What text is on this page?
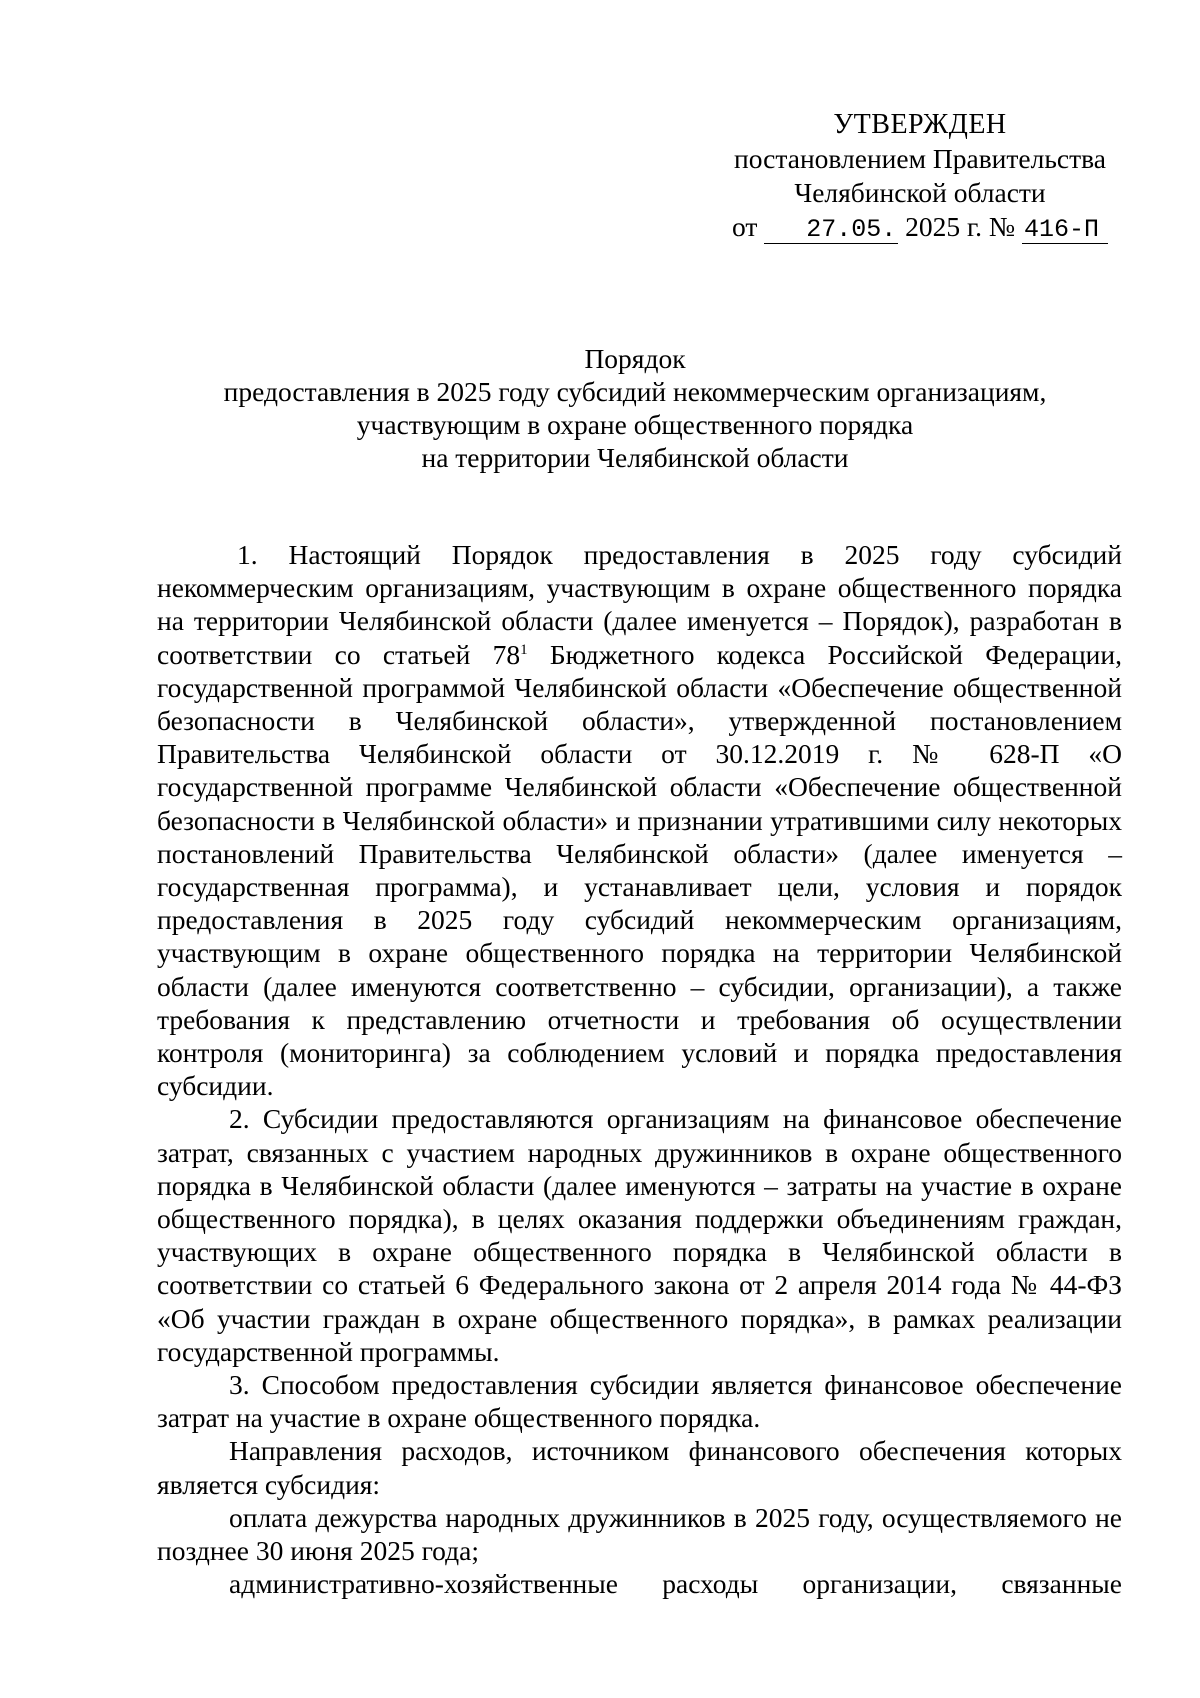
УТВЕРЖДЕН
постановлением Правительства
Челябинской области
от 27.05. 2025 г. № 416-П
Порядок
предоставления в 2025 году субсидий некоммерческим организациям,
участвующим в охране общественного порядка
на территории Челябинской области

1. Настоящий Порядок предоставления в 2025 году субсидий некоммерческим организациям, участвующим в охране общественного порядка на территории Челябинской области (далее именуется – Порядок), разработан в соответствии со статьей $78^1$ Бюджетного кодекса Российской Федерации, государственной программой Челябинской области «Обеспечение общественной безопасности в Челябинской области», утвержденной постановлением Правительства Челябинской области от 30.12.2019 г. № 628-П «О государственной программе Челябинской области «Обеспечение общественной безопасности в Челябинской области» и признании утратившими силу некоторых постановлений Правительства Челябинской области» (далее именуется – государственная программа), и устанавливает цели, условия и порядок предоставления в 2025 году субсидий некоммерческим организациям, участвующим в охране общественного порядка на территории Челябинской области (далее именуются соответственно – субсидии, организации), а также требования к представлению отчетности и требования об осуществлении контроля (мониторинга) за соблюдением условий и порядка предоставления субсидии.

2. Субсидии предоставляются организациям на финансовое обеспечение затрат, связанных с участием народных дружинников в охране общественного порядка в Челябинской области (далее именуются – затраты на участие в охране общественного порядка), в целях оказания поддержки объединениям граждан, участвующих в охране общественного порядка в Челябинской области в соответствии со статьей 6 Федерального закона от 2 апреля 2014 года № 44-ФЗ «Об участии граждан в охране общественного порядка», в рамках реализации государственной программы.

3. Способом предоставления субсидии является финансовое обеспечение затрат на участие в охране общественного порядка.

Направления расходов, источником финансового обеспечения которых является субсидия:

оплата дежурства народных дружинников в 2025 году, осуществляемого не позднее 30 июня 2025 года;

административно-хозяйственные расходы организации, связанные
